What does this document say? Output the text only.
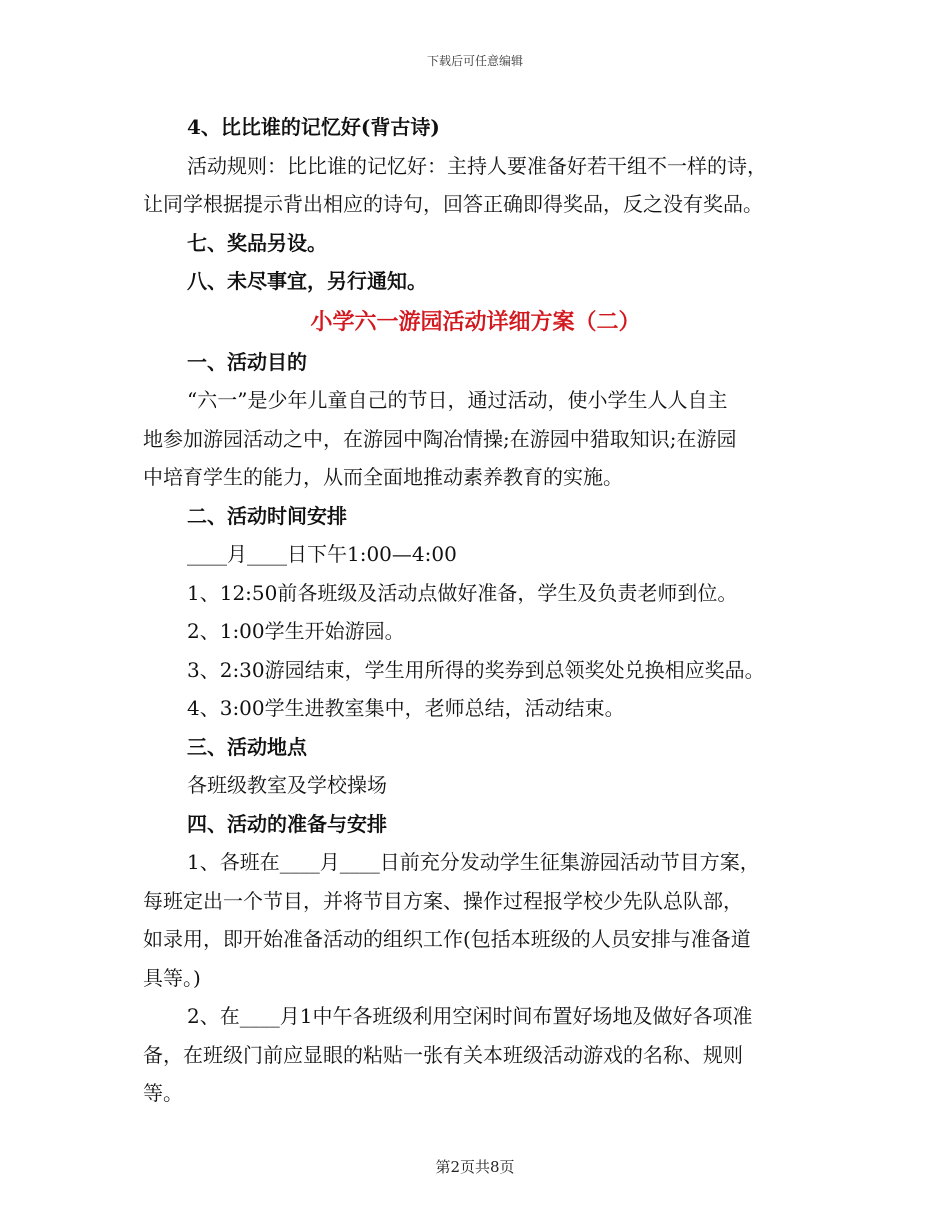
下载后可任意编辑

4、比比谁的记忆好(背古诗)

活动规则：比比谁的记忆好：主持人要准备好若干组不一样的诗，

让同学根据提示背出相应的诗句，回答正确即得奖品，反之没有奖品。

七、奖品另设。

八、未尽事宜，另行通知。

小学六一游园活动详细方案（二）

一、活动目的

“六一”是少年儿童自己的节日，通过活动，使小学生人人自主

地参加游园活动之中，在游园中陶冶情操;在游园中猎取知识;在游园

中培育学生的能力，从而全面地推动素养教育的实施。

二、活动时间安排

____月____日下午1:00—4:00

1、12:50前各班级及活动点做好准备，学生及负责老师到位。

2、1:00学生开始游园。

3、2:30游园结束，学生用所得的奖券到总领奖处兑换相应奖品。

4、3:00学生进教室集中，老师总结，活动结束。

三、活动地点

各班级教室及学校操场

四、活动的准备与安排

1、各班在____月____日前充分发动学生征集游园活动节目方案，

每班定出一个节目，并将节目方案、操作过程报学校少先队总队部，

如录用，即开始准备活动的组织工作(包括本班级的人员安排与准备道

具等。)

2、在____月1中午各班级利用空闲时间布置好场地及做好各项准

备，在班级门前应显眼的粘贴一张有关本班级活动游戏的名称、规则

等。

第2页共8页
